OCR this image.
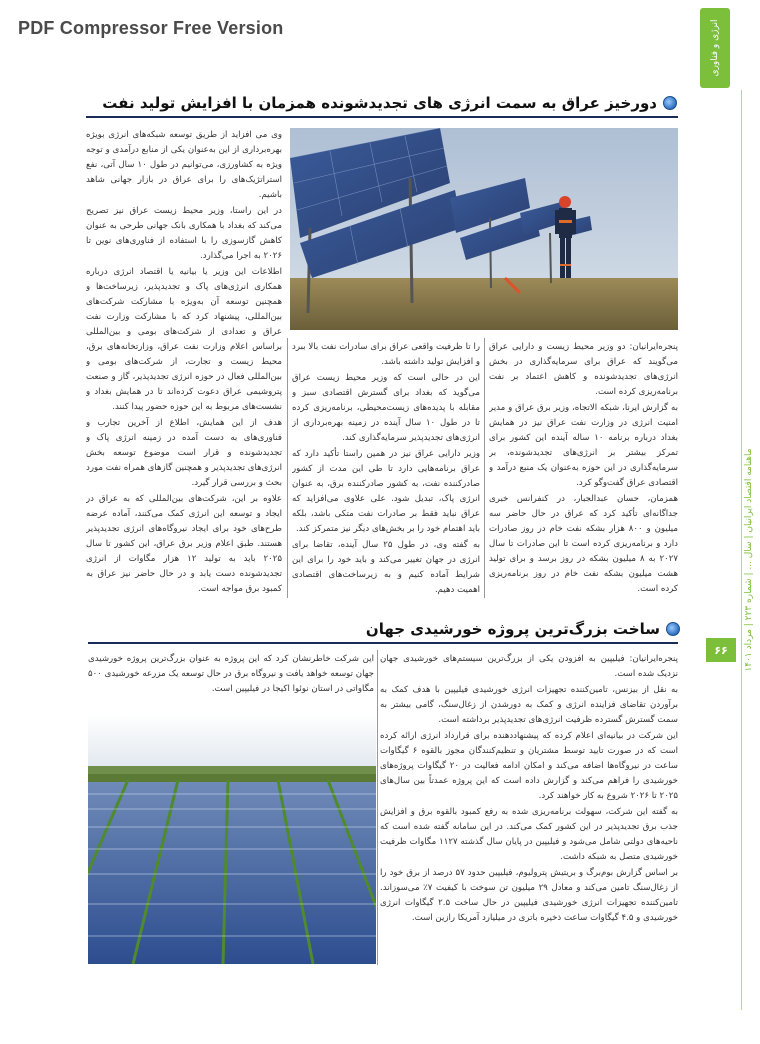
PDF Compressor Free Version	انرژی و فناوری
ماهنامه اقتصاد ایرانیان | سال ... | شماره ۲۲۳ | مرداد ۱۴۰۱
۶۶
دورخیز عراق به سمت انرژی های تجدیدشونده همزمان با افزایش تولید نفت

وی می افزاید از طریق توسعه شبکه‌های انرژی بویژه بهره‌برداری از این به‌عنوان یکی از منابع درآمدی و توجه ویژه به کشاورزی، می‌توانیم در طول ۱۰ سال آتی، نفع استراتژیک‌های را برای عراق در بازار جهانی شاهد باشیم.

در این راستا، وزیر محیط زیست عراق نیز تصریح می‌کند که بغداد با همکاری بانک جهانی طرحی به عنوان کاهش گازسوزی را با استفاده از فناوری‌های نوین تا ۲۰۲۶ به اجرا می‌گذارد.

اطلاعات این وزیر یا بیانیه یا اقتصاد انرژی درباره همکاری انرژی‌های پاک و تجدیدپذیر، زیرساخت‌ها و همچنین توسعه آن به‌ویژه با مشارکت شرکت‌های بین‌المللی، پیشنهاد کرد که با مشارکت وزارت نفت عراق و تعدادی از شرکت‌های بومی و بین‌المللی

براساس اعلام وزارت نفت عراق، وزارتخانه‌های برق، محیط زیست و تجارت، از شرکت‌های بومی و بین‌المللی فعال در حوزه انرژی تجدیدپذیر، گاز و صنعت پتروشیمی عراق دعوت کرده‌اند تا در همایش بغداد و نشست‌های مربوط به این حوزه حضور پیدا کنند.

هدف از این همایش، اطلاع از آخرین تجارب و فناوری‌های به دست آمده در زمینه انرژی پاک و تجدیدشونده و قرار است موضوع توسعه بخش انرژی‌های تجدیدپذیر و همچنین گازهای همراه نفت مورد بحث و بررسی قرار گیرد.

علاوه بر این، شرکت‌های بین‌المللی که به عراق در ایجاد و توسعه این انرژی کمک می‌کنند، آماده عرضه طرح‌های خود برای ایجاد نیروگاه‌های انرژی تجدیدپذیر هستند. طبق اعلام وزیر برق عراق، این کشور تا سال ۲۰۲۵ باید به تولید ۱۲ هزار مگاوات از انرژی تجدیدشونده دست یابد و در حال حاضر نیز عراق به کمبود برق مواجه است.

را تا ظرفیت واقعی عراق برای سادرات نفت بالا ببرد و افزایش تولید داشته باشد.

این در حالی است که وزیر محیط زیست عراق می‌گوید که بغداد برای گسترش اقتصادی سبز و مقابله با پدیده‌های زیست‌محیطی، برنامه‌ریزی کرده تا در طول ۱۰ سال آینده در زمینه بهره‌برداری از انرژی‌های تجدیدپذیر سرمایه‌گذاری کند.

وزیر دارایی عراق نیز در همین راستا تأکید دارد که عراق برنامه‌هایی دارد تا طی این مدت از کشور صادرکننده نفت، به کشور صادرکننده برق، به عنوان انرژی پاک، تبدیل شود. علی علاوی می‌افزاید که عراق نباید فقط بر صادرات نفت متکی باشد، بلکه باید اهتمام خود را بر بخش‌های دیگر نیز متمرکز کند.

به گفته وی، در طول ۲۵ سال آینده، تقاضا برای انرژی در جهان تغییر می‌کند و باید خود را برای این شرایط آماده کنیم و به زیرساخت‌های اقتصادی اهمیت دهیم.

پنجره‌ایرانیان: دو وزیر محیط زیست و دارایی عراق می‌گویند که عراق برای سرمایه‌گذاری در بخش انرژی‌های تجدیدشونده و کاهش اعتماد بر نفت برنامه‌ریزی کرده است.

به گزارش ایرنا، شبکه الاتجاه، وزیر برق عراق و مدیر امنیت انرژی در وزارت نفت عراق نیز در همایش بغداد درباره برنامه ۱۰ ساله آینده این کشور برای تمرکز بیشتر بر انرژی‌های تجدیدشونده، بر سرمایه‌گذاری در این حوزه به‌عنوان یک منبع درآمد و اقتصادی عراق گفت‌وگو کرد.

همزمان، حسان عبدالجبار، در کنفرانس خبری جداگانه‌ای تأکید کرد که عراق در حال حاضر سه میلیون و ۸۰۰ هزار بشکه نفت خام در روز صادرات دارد و برنامه‌ریزی کرده است تا این صادرات تا سال ۲۰۲۷ به ۸ میلیون بشکه در روز برسد و برای تولید هشت میلیون بشکه نفت خام در روز برنامه‌ریزی کرده است.

ساخت بزرگ‌ترین پروژه خورشیدی جهان

پنجره‌ایرانیان: فیلیپین به افزودن یکی از بزرگ‌ترین سیستم‌های خورشیدی جهان نزدیک شده است.

به نقل از بیزنس، تامین‌کننده تجهیزات انرژی خورشیدی فیلیپین با هدف کمک به برآوردن تقاضای فزاینده انرژی و کمک به دورشدن از زغال‌سنگ، گامی بیشتر به سمت گسترش گسترده ظرفیت انرژی‌های تجدیدپذیر برداشته است.

این شرکت در بیانیه‌ای اعلام کرده که پیشنهاد‌دهنده برای قرارداد انرژی ارائه کرده است که در صورت تایید توسط مشتریان و تنظیم‌کنندگان مجوز بالقوه ۶ گیگاوات ساعت در نیروگاه‌ها اضافه می‌کند و امکان ادامه فعالیت در ۲۰ گیگاوات پروژه‌های خورشیدی را فراهم می‌کند و گزارش داده است که این پروژه عمدتاً بین سال‌های ۲۰۲۵ تا ۲۰۲۶ شروع به کار خواهند کرد.

به گفته این شرکت، سهولت برنامه‌ریزی شده به رفع کمبود بالقوه برق و افزایش جذب برق تجدیدپذیر در این کشور کمک می‌کند. در این سامانه گفته شده است که ناحیه‌های دولتی شامل می‌شود و فیلیپین در پایان سال گذشته ۱۱۲۷ مگاوات ظرفیت خورشیدی متصل به شبکه داشت.

بر اساس گزارش بوم‌برگ و بریتیش پترولیوم، فیلیپین حدود ۵۷ درصد از برق خود را از زغال‌سنگ تامین می‌کند و معادل ۲۹ میلیون تن سوخت با کیفیت ۷٪ می‌سوزاند. تامین‌کننده تجهیزات انرژی خورشیدی فیلیپین در حال ساخت ۲.۵ گیگاوات انرژی خورشیدی و ۴.۵ گیگاوات ساعت ذخیره باتری در میلیارد آمریکا رازین است.

این شرکت خاطرنشان کرد که این پروژه به عنوان بزرگ‌ترین پروژه خورشیدی جهان توسعه خواهد یافت و نیروگاه برق در حال توسعه یک مزرعه خورشیدی ۵۰۰ مگاواتی در استان نوئوا اکیجا در فیلیپین است.
